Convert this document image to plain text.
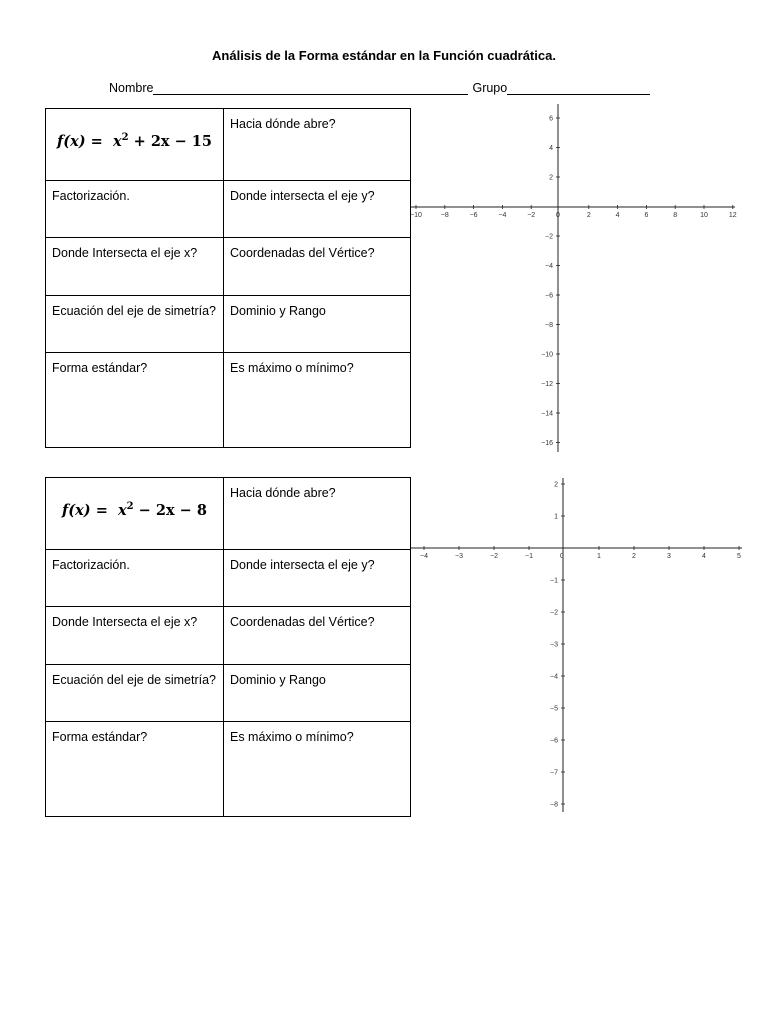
Análisis de la Forma estándar en la Función cuadrática.
Nombre	Grupo
$f(x) = x^2 + 2x - 15$	Hacia dónde abre?
Factorización.	Donde intersecta el eje y?
Donde Intersecta el eje x?	Coordenadas del Vértice?
Ecuación del eje de simetría?	Dominio y Rango
Forma estándar?	Es máximo o mínimo?
$f(x) = x^2 - 2x - 8$	Hacia dónde abre?
Factorización.	Donde intersecta el eje y?
Donde Intersecta el eje x?	Coordenadas del Vértice?
Ecuación del eje de simetría?	Dominio y Rango
Forma estándar?	Es máximo o mínimo?
−10	−8	−6	−4	−2	0	2	4	6	8	10	12
6
4
2
−2
−4
−6
−8
−10
−12
−14
−16
−4	−3	−2	−1	0	1	2	3	4	5
2
1
−1
−2
−3
−4
−5
−6
−7
−8
